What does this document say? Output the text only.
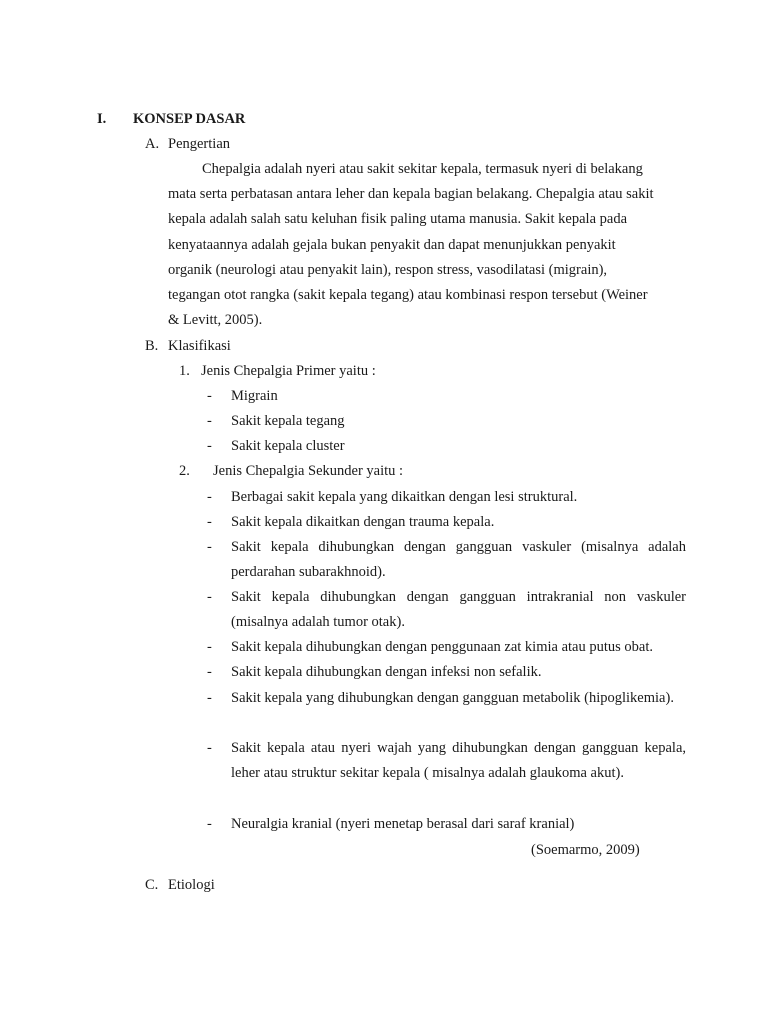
I. KONSEP DASAR
A. Pengertian
Chepalgia adalah nyeri atau sakit sekitar kepala, termasuk nyeri di belakang
mata serta perbatasan antara leher dan kepala bagian belakang. Chepalgia atau sakit
kepala adalah salah satu keluhan fisik paling utama manusia. Sakit kepala pada
kenyataannya adalah gejala bukan penyakit dan dapat menunjukkan penyakit
organik (neurologi atau penyakit lain), respon stress, vasodilatasi (migrain),
tegangan otot rangka (sakit kepala tegang) atau kombinasi respon tersebut (Weiner
& Levitt, 2005).
B. Klasifikasi
1. Jenis Chepalgia Primer yaitu :
- Migrain
- Sakit kepala tegang
- Sakit kepala cluster
2. Jenis Chepalgia Sekunder yaitu :
- Berbagai sakit kepala yang dikaitkan dengan lesi struktural.
- Sakit kepala dikaitkan dengan trauma kepala.
- Sakit kepala dihubungkan dengan gangguan vaskuler (misalnya adalah perdarahan subarakhnoid).
- Sakit kepala dihubungkan dengan gangguan intrakranial non vaskuler (misalnya adalah tumor otak).
- Sakit kepala dihubungkan dengan penggunaan zat kimia atau putus obat.
- Sakit kepala dihubungkan dengan infeksi non sefalik.
- Sakit kepala yang dihubungkan dengan gangguan metabolik (hipoglikemia).
- Sakit kepala atau nyeri wajah yang dihubungkan dengan gangguan kepala, leher atau struktur sekitar kepala ( misalnya adalah glaukoma akut).
- Neuralgia kranial (nyeri menetap berasal dari saraf kranial)
(Soemarmo, 2009)
C. Etiologi
